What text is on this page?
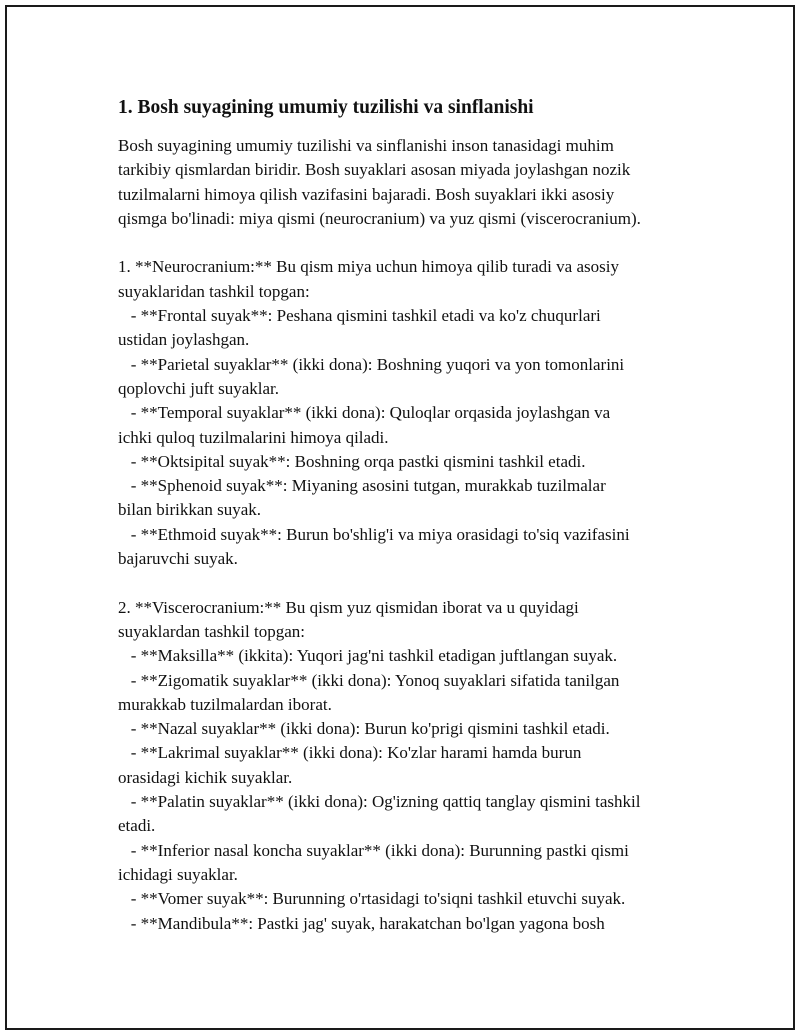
1. Bosh suyagining umumiy tuzilishi va sinflanishi
Bosh suyagining umumiy tuzilishi va sinflanishi inson tanasidagi muhim
tarkibiy qismlardan biridir. Bosh suyaklari asosan miyada joylashgan nozik
tuzilmalarni himoya qilish vazifasini bajaradi. Bosh suyaklari ikki asosiy
qismga bo'linadi: miya qismi (neurocranium) va yuz qismi (viscerocranium).
1. **Neurocranium:** Bu qism miya uchun himoya qilib turadi va asosiy
suyaklaridan tashkil topgan:
- **Frontal suyak**: Peshana qismini tashkil etadi va ko'z chuqurlari
ustidan joylashgan.
- **Parietal suyaklar** (ikki dona): Boshning yuqori va yon tomonlarini
qoplovchi juft suyaklar.
- **Temporal suyaklar** (ikki dona): Quloqlar orqasida joylashgan va
ichki quloq tuzilmalarini himoya qiladi.
- **Oktsipital suyak**: Boshning orqa pastki qismini tashkil etadi.
- **Sphenoid suyak**: Miyaning asosini tutgan, murakkab tuzilmalar
bilan birikkan suyak.
- **Ethmoid suyak**: Burun bo'shlig'i va miya orasidagi to'siq vazifasini
bajaruvchi suyak.
2. **Viscerocranium:** Bu qism yuz qismidan iborat va u quyidagi
suyaklardan tashkil topgan:
- **Maksilla** (ikkita): Yuqori jag'ni tashkil etadigan juftlangan suyak.
- **Zigomatik suyaklar** (ikki dona): Yonoq suyaklari sifatida tanilgan
murakkab tuzilmalardan iborat.
- **Nazal suyaklar** (ikki dona): Burun ko'prigi qismini tashkil etadi.
- **Lakrimal suyaklar** (ikki dona): Ko'zlar harami hamda burun
orasidagi kichik suyaklar.
- **Palatin suyaklar** (ikki dona): Og'izning qattiq tanglay qismini tashkil
etadi.
- **Inferior nasal koncha suyaklar** (ikki dona): Burunning pastki qismi
ichidagi suyaklar.
- **Vomer suyak**: Burunning o'rtasidagi to'siqni tashkil etuvchi suyak.
- **Mandibula**: Pastki jag' suyak, harakatchan bo'lgan yagona bosh
